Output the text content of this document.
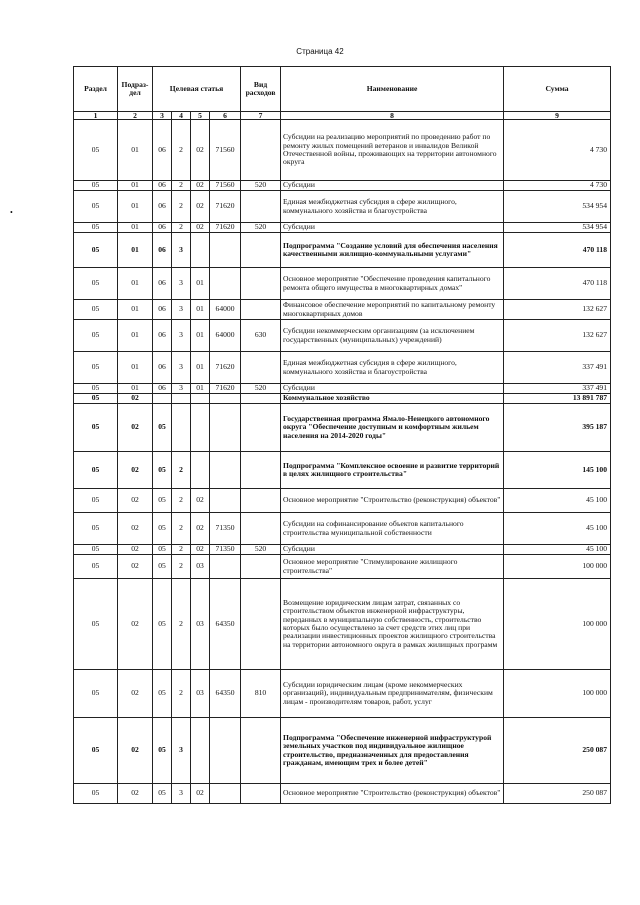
Страница 42
•
Раздел	Подраз-дел	Целевая статья				Вид расходов	Наименование	Сумма
1	2	3	4	5	6	7	8	9
05	01	06	2	02	71560		Субсидии на реализацию мероприятий по проведению работ по ремонту жилых помещений ветеранов и инвалидов Великой Отечественной войны, проживающих на территории автономного округа	4 730
05	01	06	2	02	71560	520	Субсидии	4 730
05	01	06	2	02	71620		Единая межбюджетная субсидия в сфере жилищного, коммунального хозяйства и благоустройства	534 954
05	01	06	2	02	71620	520	Субсидии	534 954
05	01	06	3				Подпрограмма "Создание условий для обеспечения населения качественными жилищно-коммунальными услугами"	470 118
05	01	06	3	01			Основное мероприятие "Обеспечение проведения капитального ремонта общего имущества в многоквартирных домах"	470 118
05	01	06	3	01	64000		Финансовое обеспечение мероприятий по капитальному ремонту многоквартирных домов	132 627
05	01	06	3	01	64000	630	Субсидии некоммерческим организациям (за исключением государственных (муниципальных) учреждений)	132 627
05	01	06	3	01	71620		Единая межбюджетная субсидия в сфере жилищного, коммунального хозяйства и благоустройства	337 491
05	01	06	3	01	71620	520	Субсидии	337 491
05	02						Коммунальное хозяйство	13 891 787
05	02	05					Государственная программа Ямало-Ненецкого автономного округа "Обеспечение доступным и комфортным жильем населения на 2014-2020 годы"	395 187
05	02	05	2				Подпрограмма "Комплексное освоение и развитие территорий в целях жилищного строительства"	145 100
05	02	05	2	02			Основное мероприятие "Строительство (реконструкция) объектов"	45 100
05	02	05	2	02	71350		Субсидии на софинансирование объектов капитального строительства муниципальной собственности	45 100
05	02	05	2	02	71350	520	Субсидии	45 100
05	02	05	2	03			Основное мероприятие "Стимулирование жилищного строительства"	100 000
05	02	05	2	03	64350		Возмещение юридическим лицам затрат, связанных со строительством объектов инженерной инфраструктуры, переданных в муниципальную собственность, строительство которых было осуществлено за счет средств этих лиц при реализации инвестиционных проектов жилищного строительства на территории автономного округа в рамках жилищных программ	100 000
05	02	05	2	03	64350	810	Субсидии юридическим лицам (кроме некоммерческих организаций), индивидуальным предпринимателям, физическим лицам - производителям товаров, работ, услуг	100 000
05	02	05	3				Подпрограмма "Обеспечение инженерной инфраструктурой земельных участков под индивидуальное жилищное строительство, предназначенных для предоставления гражданам, имеющим трех и более детей"	250 087
05	02	05	3	02			Основное мероприятие "Строительство (реконструкция) объектов"	250 087
